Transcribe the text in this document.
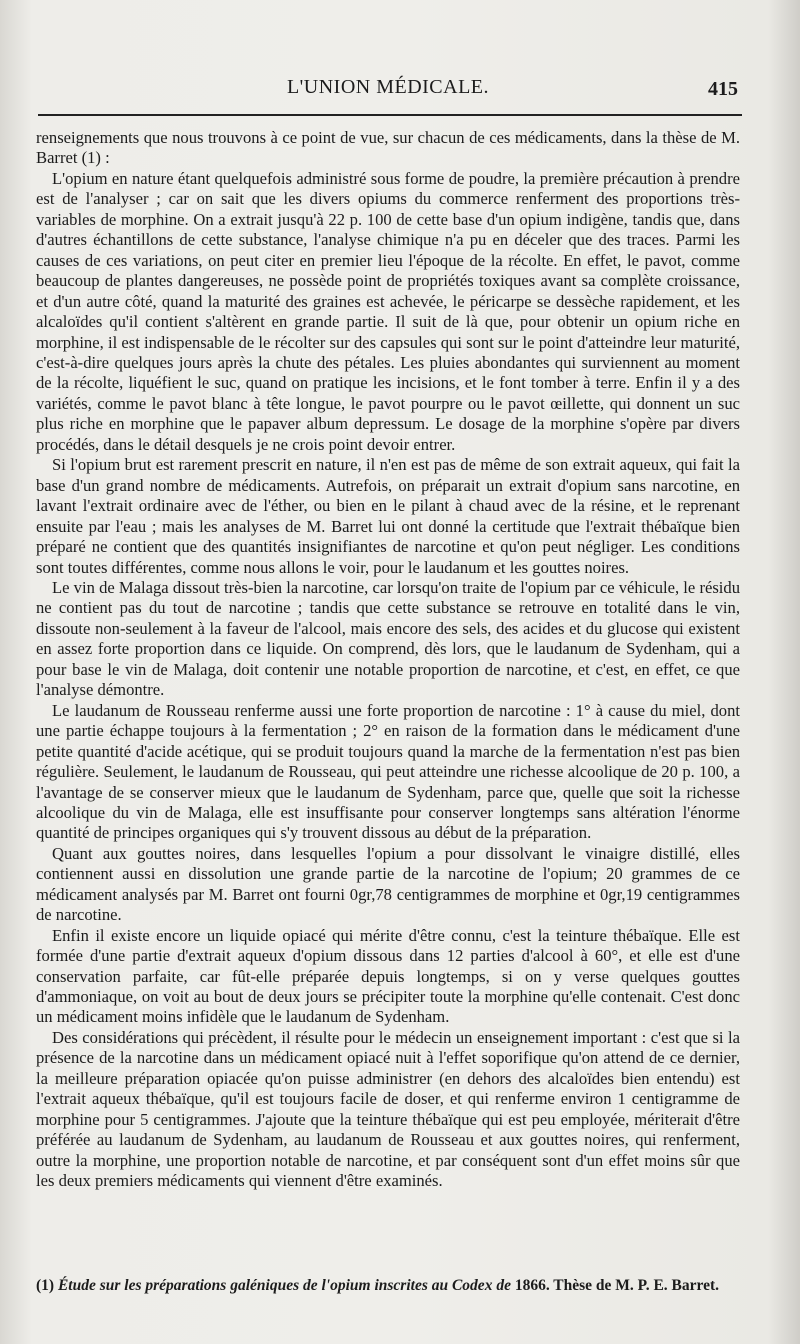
L'UNION MÉDICALE.	415

renseignements que nous trouvons à ce point de vue, sur chacun de ces médicaments, dans la thèse de M. Barret (1) :

L'opium en nature étant quelquefois administré sous forme de poudre, la première précaution à prendre est de l'analyser ; car on sait que les divers opiums du commerce renferment des proportions très-variables de morphine. On a extrait jusqu'à 22 p. 100 de cette base d'un opium indigène, tandis que, dans d'autres échantillons de cette substance, l'analyse chimique n'a pu en déceler que des traces. Parmi les causes de ces variations, on peut citer en premier lieu l'époque de la récolte. En effet, le pavot, comme beaucoup de plantes dangereuses, ne possède point de propriétés toxiques avant sa complète croissance, et d'un autre côté, quand la maturité des graines est achevée, le péricarpe se dessèche rapidement, et les alcaloïdes qu'il contient s'altèrent en grande partie. Il suit de là que, pour obtenir un opium riche en morphine, il est indispensable de le récolter sur des capsules qui sont sur le point d'atteindre leur maturité, c'est-à-dire quelques jours après la chute des pétales. Les pluies abondantes qui surviennent au moment de la récolte, liquéfient le suc, quand on pratique les incisions, et le font tomber à terre. Enfin il y a des variétés, comme le pavot blanc à tête longue, le pavot pourpre ou le pavot œillette, qui donnent un suc plus riche en morphine que le papaver album depressum. Le dosage de la morphine s'opère par divers procédés, dans le détail desquels je ne crois point devoir entrer.

Si l'opium brut est rarement prescrit en nature, il n'en est pas de même de son extrait aqueux, qui fait la base d'un grand nombre de médicaments. Autrefois, on préparait un extrait d'opium sans narcotine, en lavant l'extrait ordinaire avec de l'éther, ou bien en le pilant à chaud avec de la résine, et le reprenant ensuite par l'eau ; mais les analyses de M. Barret lui ont donné la certitude que l'extrait thébaïque bien préparé ne contient que des quantités insignifiantes de narcotine et qu'on peut négliger. Les conditions sont toutes différentes, comme nous allons le voir, pour le laudanum et les gouttes noires.

Le vin de Malaga dissout très-bien la narcotine, car lorsqu'on traite de l'opium par ce véhicule, le résidu ne contient pas du tout de narcotine ; tandis que cette substance se retrouve en totalité dans le vin, dissoute non-seulement à la faveur de l'alcool, mais encore des sels, des acides et du glucose qui existent en assez forte proportion dans ce liquide. On comprend, dès lors, que le laudanum de Sydenham, qui a pour base le vin de Malaga, doit contenir une notable proportion de narcotine, et c'est, en effet, ce que l'analyse démontre.

Le laudanum de Rousseau renferme aussi une forte proportion de narcotine : 1° à cause du miel, dont une partie échappe toujours à la fermentation ; 2° en raison de la formation dans le médicament d'une petite quantité d'acide acétique, qui se produit toujours quand la marche de la fermentation n'est pas bien régulière. Seulement, le laudanum de Rousseau, qui peut atteindre une richesse alcoolique de 20 p. 100, a l'avantage de se conserver mieux que le laudanum de Sydenham, parce que, quelle que soit la richesse alcoolique du vin de Malaga, elle est insuffisante pour conserver longtemps sans altération l'énorme quantité de principes organiques qui s'y trouvent dissous au début de la préparation.

Quant aux gouttes noires, dans lesquelles l'opium a pour dissolvant le vinaigre distillé, elles contiennent aussi en dissolution une grande partie de la narcotine de l'opium; 20 grammes de ce médicament analysés par M. Barret ont fourni 0gr,78 centigrammes de morphine et 0gr,19 centigrammes de narcotine.

Enfin il existe encore un liquide opiacé qui mérite d'être connu, c'est la teinture thébaïque. Elle est formée d'une partie d'extrait aqueux d'opium dissous dans 12 parties d'alcool à 60°, et elle est d'une conservation parfaite, car fût-elle préparée depuis longtemps, si on y verse quelques gouttes d'ammoniaque, on voit au bout de deux jours se précipiter toute la morphine qu'elle contenait. C'est donc un médicament moins infidèle que le laudanum de Sydenham.

Des considérations qui précèdent, il résulte pour le médecin un enseignement important : c'est que si la présence de la narcotine dans un médicament opiacé nuit à l'effet soporifique qu'on attend de ce dernier, la meilleure préparation opiacée qu'on puisse administrer (en dehors des alcaloïdes bien entendu) est l'extrait aqueux thébaïque, qu'il est toujours facile de doser, et qui renferme environ 1 centigramme de morphine pour 5 centigrammes. J'ajoute que la teinture thébaïque qui est peu employée, mériterait d'être préférée au laudanum de Sydenham, au laudanum de Rousseau et aux gouttes noires, qui renferment, outre la morphine, une proportion notable de narcotine, et par conséquent sont d'un effet moins sûr que les deux premiers médicaments qui viennent d'être examinés.

(1) Étude sur les préparations galéniques de l'opium inscrites au Codex de 1866. Thèse de M. P. E. Barret.
